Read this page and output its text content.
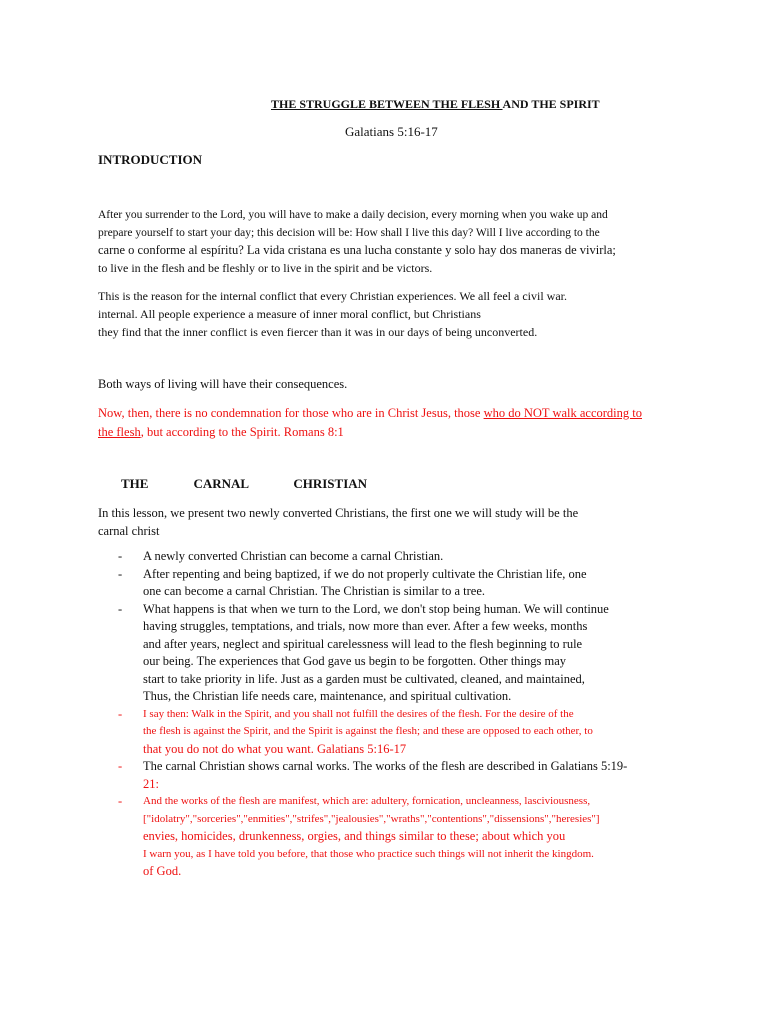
THE STRUGGLE BETWEEN THE FLESH AND THE SPIRIT
Galatians 5:16-17
INTRODUCTION
After you surrender to the Lord, you will have to make a daily decision, every morning when you wake up and
prepare yourself to start your day; this decision will be: How shall I live this day? Will I live according to the
carne o conforme al espíritu? La vida cristana es una lucha constante y solo hay dos maneras de vivirla;
to live in the flesh and be fleshly or to live in the spirit and be victors.
This is the reason for the internal conflict that every Christian experiences. We all feel a civil war.
internal. All people experience a measure of inner moral conflict, but Christians
they find that the inner conflict is even fiercer than it was in our days of being unconverted.
Both ways of living will have their consequences.
Now, then, there is no condemnation for those who are in Christ Jesus, those who do NOT walk according to
the flesh, but according to the Spirit. Romans 8:1
THE    CARNAL    CHRISTIAN
In this lesson, we present two newly converted Christians, the first one we will study will be the
carnal christ
- A newly converted Christian can become a carnal Christian.
- After repenting and being baptized, if we do not properly cultivate the Christian life, one
one can become a carnal Christian. The Christian is similar to a tree.
- What happens is that when we turn to the Lord, we don't stop being human. We will continue
having struggles, temptations, and trials, now more than ever. After a few weeks, months
and after years, neglect and spiritual carelessness will lead to the flesh beginning to rule
our being. The experiences that God gave us begin to be forgotten. Other things may
start to take priority in life. Just as a garden must be cultivated, cleaned, and maintained,
Thus, the Christian life needs care, maintenance, and spiritual cultivation.
- I say then: Walk in the Spirit, and you shall not fulfill the desires of the flesh. For the desire of the
the flesh is against the Spirit, and the Spirit is against the flesh; and these are opposed to each other, to
that you do not do what you want. Galatians 5:16-17
- The carnal Christian shows carnal works. The works of the flesh are described in Galatians 5:19-
21:
- And the works of the flesh are manifest, which are: adultery, fornication, uncleanness, lasciviousness,
["idolatry","sorceries","enmities","strifes","jealousies","wraths","contentions","dissensions","heresies"]
envies, homicides, drunkenness, orgies, and things similar to these; about which you
I warn you, as I have told you before, that those who practice such things will not inherit the kingdom.
of God.
